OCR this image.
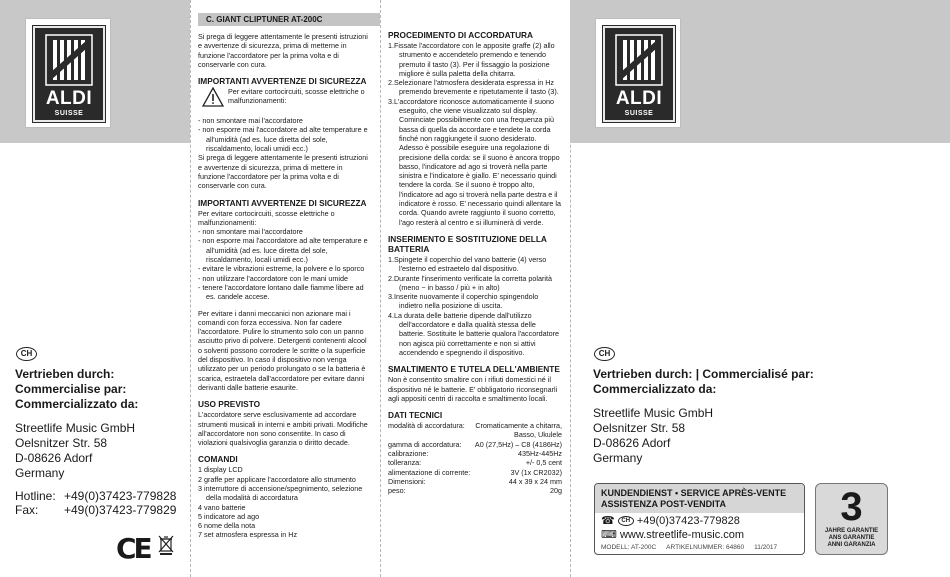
ALDI
SUISSE
CH
Vertrieben durch:
Commercialise par:
Commercializzato da:
Streetlife Music GmbH
Oelsnitzer Str. 58
D-08626 Adorf
Germany
Hotline: +49(0)37423-779828
Fax: +49(0)37423-779829
CE
C. GIANT CLIPTUNER AT-200C

Si prega di leggere attentamente le presenti istruzioni e avvertenze di sicurezza, prima di metterne in funzione l'accordatore per la prima volta e di conservarle con cura.

IMPORTANTI AVVERTENZE DI SICUREZZA

Per evitare cortocircuiti, scosse elettriche o malfunzionamenti:

- non smontare mai l'accordatore

- non esporre mai l'accordatore ad alte temperature e all'umidità (ad es. luce diretta del sole, riscaldamento, locali umidi ecc.)

Si prega di leggere attentamente le presenti istruzioni e avvertenze di sicurezza, prima di mettere in funzione l'accordatore per la prima volta e di conservarle con cura.

IMPORTANTI AVVERTENZE DI SICUREZZA

Per evitare cortocircuiti, scosse elettriche o malfunzionamenti:

- non smontare mai l'accordatore

- non esporre mai l'accordatore ad alte temperature e all'umidità (ad es. luce diretta del sole, riscaldamento, locali umidi ecc.)

- evitare le vibrazioni estreme, la polvere e lo sporco

- non utilizzare l'accordatore con le mani umide

- tenere l'accordatore lontano dalle fiamme libere ad es. candele accese.

Per evitare i danni meccanici non azionare mai i comandi con forza eccessiva. Non far cadere l'accordatore. Pulire lo strumento solo con un panno asciutto privo di polvere. Detergenti contenenti alcool o solventi possono corrodere le scritte o la superficie del dispositivo. In caso il dispositivo non venga utilizzato per un periodo prolungato o se la batteria è scarica, estraetela dall'accordatore per evitare danni derivanti dalle batterie esaurite.

USO PREVISTO

L'accordatore serve esclusivamente ad accordare strumenti musicali in interni e ambiti privati. Modifiche all'accordatore non sono consentite. In caso di violazioni qualsivoglia garanzia o diritto decade.

COMANDI

1 display LCD

2 graffe per applicare l'accordatore allo strumento

3 interruttore di accensione/spegnimento, selezione della modalità di accordatura

4 vano batterie

5 indicatore ad ago

6 nome della nota

7 set atmosfera espressa in Hz

PROCEDIMENTO DI ACCORDATURA

1.Fissate l'accordatore con le apposite graffe (2) allo strumento e accendetelo premendo e tenendo premuto il tasto (3). Per il fissaggio la posizione migliore è sulla paletta della chitarra.

2.Selezionare l'atmosfera desiderata espressa in Hz premendo brevemente e ripetutamente il tasto (3).

3.L'accordatore riconosce automaticamente il suono eseguito, che viene visualizzato sul display. Cominciate possibilmente con una frequenza più bassa di quella da accordare e tendete la corda finché non raggiungete il suono desiderato. Adesso è possibile eseguire una regolazione di precisione della corda: se il suono è ancora troppo basso, l'indicatore ad ago si troverà nella parte sinistra e l'indicatore è giallo. E' necessario quindi tendere la corda. Se il suono è troppo alto, l'indicatore ad ago si troverà nella parte destra e il indicatore è rosso. E' necessario quindi allentare la corda. Quando avrete raggiunto il suono corretto, l'ago resterà al centro e si illuminerà di verde.

INSERIMENTO E SOSTITUZIONE DELLA BATTERIA

1.Spingete il coperchio del vano batterie (4) verso l'esterno ed estraetelo dal dispositivo.

2.Durante l'inserimento verificate la corretta polarità (meno − in basso / più + in alto)

3.Inserite nuovamente il coperchio spingendolo indietro nella posizione di uscita.

4.La durata delle batterie dipende dall'utilizzo dell'accordatore e dalla qualità stessa delle batterie. Sostituite le batterie qualora l'accordatore non agisca più correttamente e non si attivi accendendo e spegnendo il dispositivo.

SMALTIMENTO E TUTELA DELL'AMBIENTE

Non è consentito smaltire con i rifiuti domestici né il dispositivo né le batterie. E' obbligatorio riconsegnarli agli appositi centri di raccolta e smaltimento locali.

DATI TECNICI
modalità di accordatura: Cromaticamente a chitarra,
Basso, Ukulele
gamma di accordatura: A0 (27,5Hz) – C8 (4186Hz)
calibrazione:	435Hz-445Hz
tolleranza:	+/- 0,5 cent
alimentazione di corrente:	3V (1x CR2032)
Dimensioni:	44 x 39 x 24 mm
peso:	20g
ALDI
SUISSE
CH
Vertrieben durch: | Commercialisé par:
Commercializzato da:
Streetlife Music GmbH
Oelsnitzer Str. 58
D-08626 Adorf
Germany
KUNDENDIENST • SERVICE APRÈS-VENTE
ASSISTENZA POST-VENDITA
☎ CH +49(0)37423-779828
⌨ www.streetlife-music.com
MODELL: AT-200C ARTIKELNUMMER: 64860 11/2017
3
JAHRE GARANTIE
ANS GARANTIE
ANNI GARANZIA
